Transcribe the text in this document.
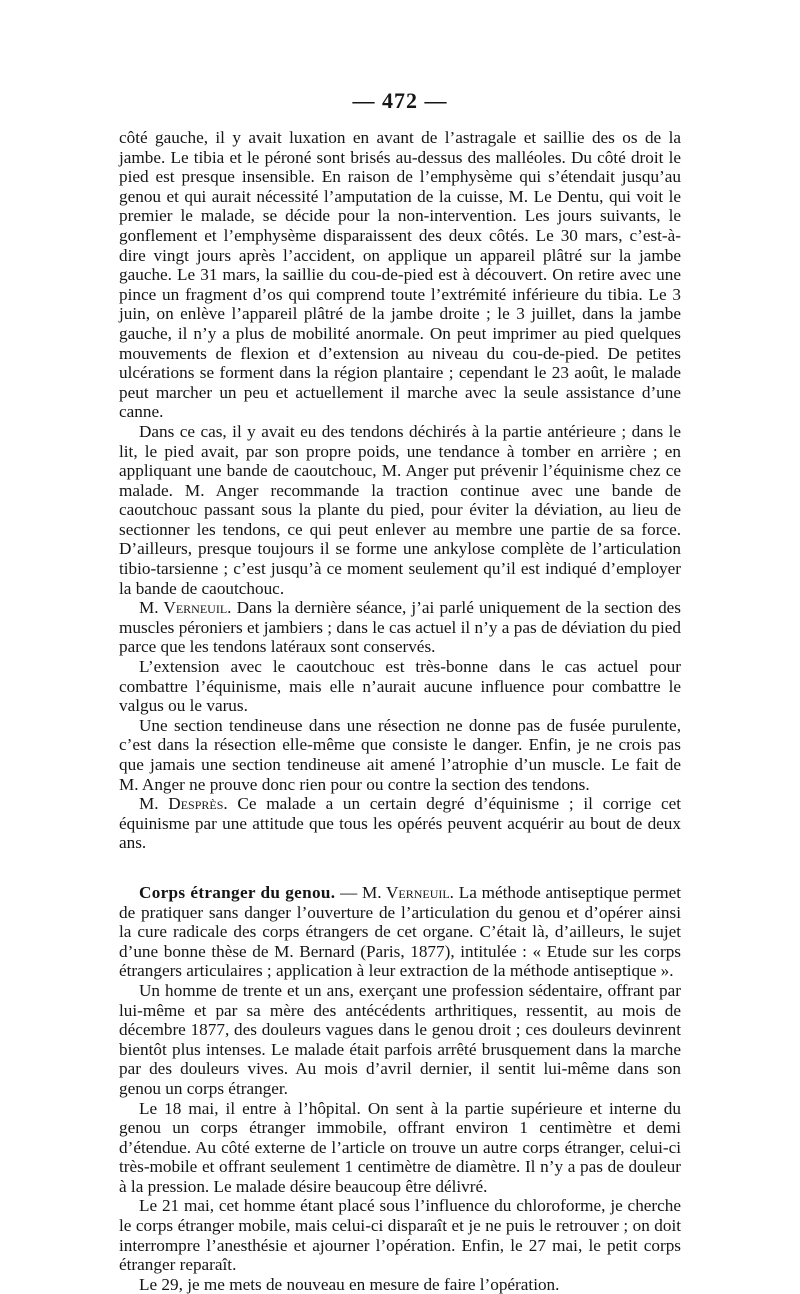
— 472 —

côté gauche, il y avait luxation en avant de l’astragale et saillie des os de la jambe. Le tibia et le péroné sont brisés au-dessus des malléoles. Du côté droit le pied est presque insensible. En raison de l’emphysème qui s’étendait jusqu’au genou et qui aurait nécessité l’amputation de la cuisse, M. Le Dentu, qui voit le premier le malade, se décide pour la non-intervention. Les jours suivants, le gonflement et l’emphysème disparaissent des deux côtés. Le 30 mars, c’est-à-dire vingt jours après l’accident, on applique un appareil plâtré sur la jambe gauche. Le 31 mars, la saillie du cou-de-pied est à découvert. On retire avec une pince un fragment d’os qui comprend toute l’extrémité inférieure du tibia. Le 3 juin, on enlève l’appareil plâtré de la jambe droite ; le 3 juillet, dans la jambe gauche, il n’y a plus de mobilité anormale. On peut imprimer au pied quelques mouvements de flexion et d’extension au niveau du cou-de-pied. De petites ulcérations se forment dans la région plantaire ; cependant le 23 août, le malade peut marcher un peu et actuellement il marche avec la seule assistance d’une canne.

Dans ce cas, il y avait eu des tendons déchirés à la partie antérieure ; dans le lit, le pied avait, par son propre poids, une tendance à tomber en arrière ; en appliquant une bande de caoutchouc, M. Anger put prévenir l’équinisme chez ce malade. M. Anger recommande la traction continue avec une bande de caoutchouc passant sous la plante du pied, pour éviter la déviation, au lieu de sectionner les tendons, ce qui peut enlever au membre une partie de sa force. D’ailleurs, presque toujours il se forme une ankylose complète de l’articulation tibio-tarsienne ; c’est jusqu’à ce moment seulement qu’il est indiqué d’employer la bande de caoutchouc.

M. Verneuil. Dans la dernière séance, j’ai parlé uniquement de la section des muscles péroniers et jambiers ; dans le cas actuel il n’y a pas de déviation du pied parce que les tendons latéraux sont conservés.

L’extension avec le caoutchouc est très-bonne dans le cas actuel pour combattre l’équinisme, mais elle n’aurait aucune influence pour combattre le valgus ou le varus.

Une section tendineuse dans une résection ne donne pas de fusée purulente, c’est dans la résection elle-même que consiste le danger. Enfin, je ne crois pas que jamais une section tendineuse ait amené l’atrophie d’un muscle. Le fait de M. Anger ne prouve donc rien pour ou contre la section des tendons.

M. Desprès. Ce malade a un certain degré d’équinisme ; il corrige cet équinisme par une attitude que tous les opérés peuvent acquérir au bout de deux ans.

Corps étranger du genou. — M. Verneuil. La méthode antiseptique permet de pratiquer sans danger l’ouverture de l’articulation du genou et d’opérer ainsi la cure radicale des corps étrangers de cet organe. C’était là, d’ailleurs, le sujet d’une bonne thèse de M. Bernard (Paris, 1877), intitulée : « Etude sur les corps étrangers articulaires ; application à leur extraction de la méthode antiseptique ».

Un homme de trente et un ans, exerçant une profession sédentaire, offrant par lui-même et par sa mère des antécédents arthritiques, ressentit, au mois de décembre 1877, des douleurs vagues dans le genou droit ; ces douleurs devinrent bientôt plus intenses. Le malade était parfois arrêté brusquement dans la marche par des douleurs vives. Au mois d’avril dernier, il sentit lui-même dans son genou un corps étranger.

Le 18 mai, il entre à l’hôpital. On sent à la partie supérieure et interne du genou un corps étranger immobile, offrant environ 1 centimètre et demi d’étendue. Au côté externe de l’article on trouve un autre corps étranger, celui-ci très-mobile et offrant seulement 1 centimètre de diamètre. Il n’y a pas de douleur à la pression. Le malade désire beaucoup être délivré.

Le 21 mai, cet homme étant placé sous l’influence du chloroforme, je cherche le corps étranger mobile, mais celui-ci disparaît et je ne puis le retrouver ; on doit interrompre l’anesthésie et ajourner l’opération. Enfin, le 27 mai, le petit corps étranger reparaît.

Le 29, je me mets de nouveau en mesure de faire l’opération.
